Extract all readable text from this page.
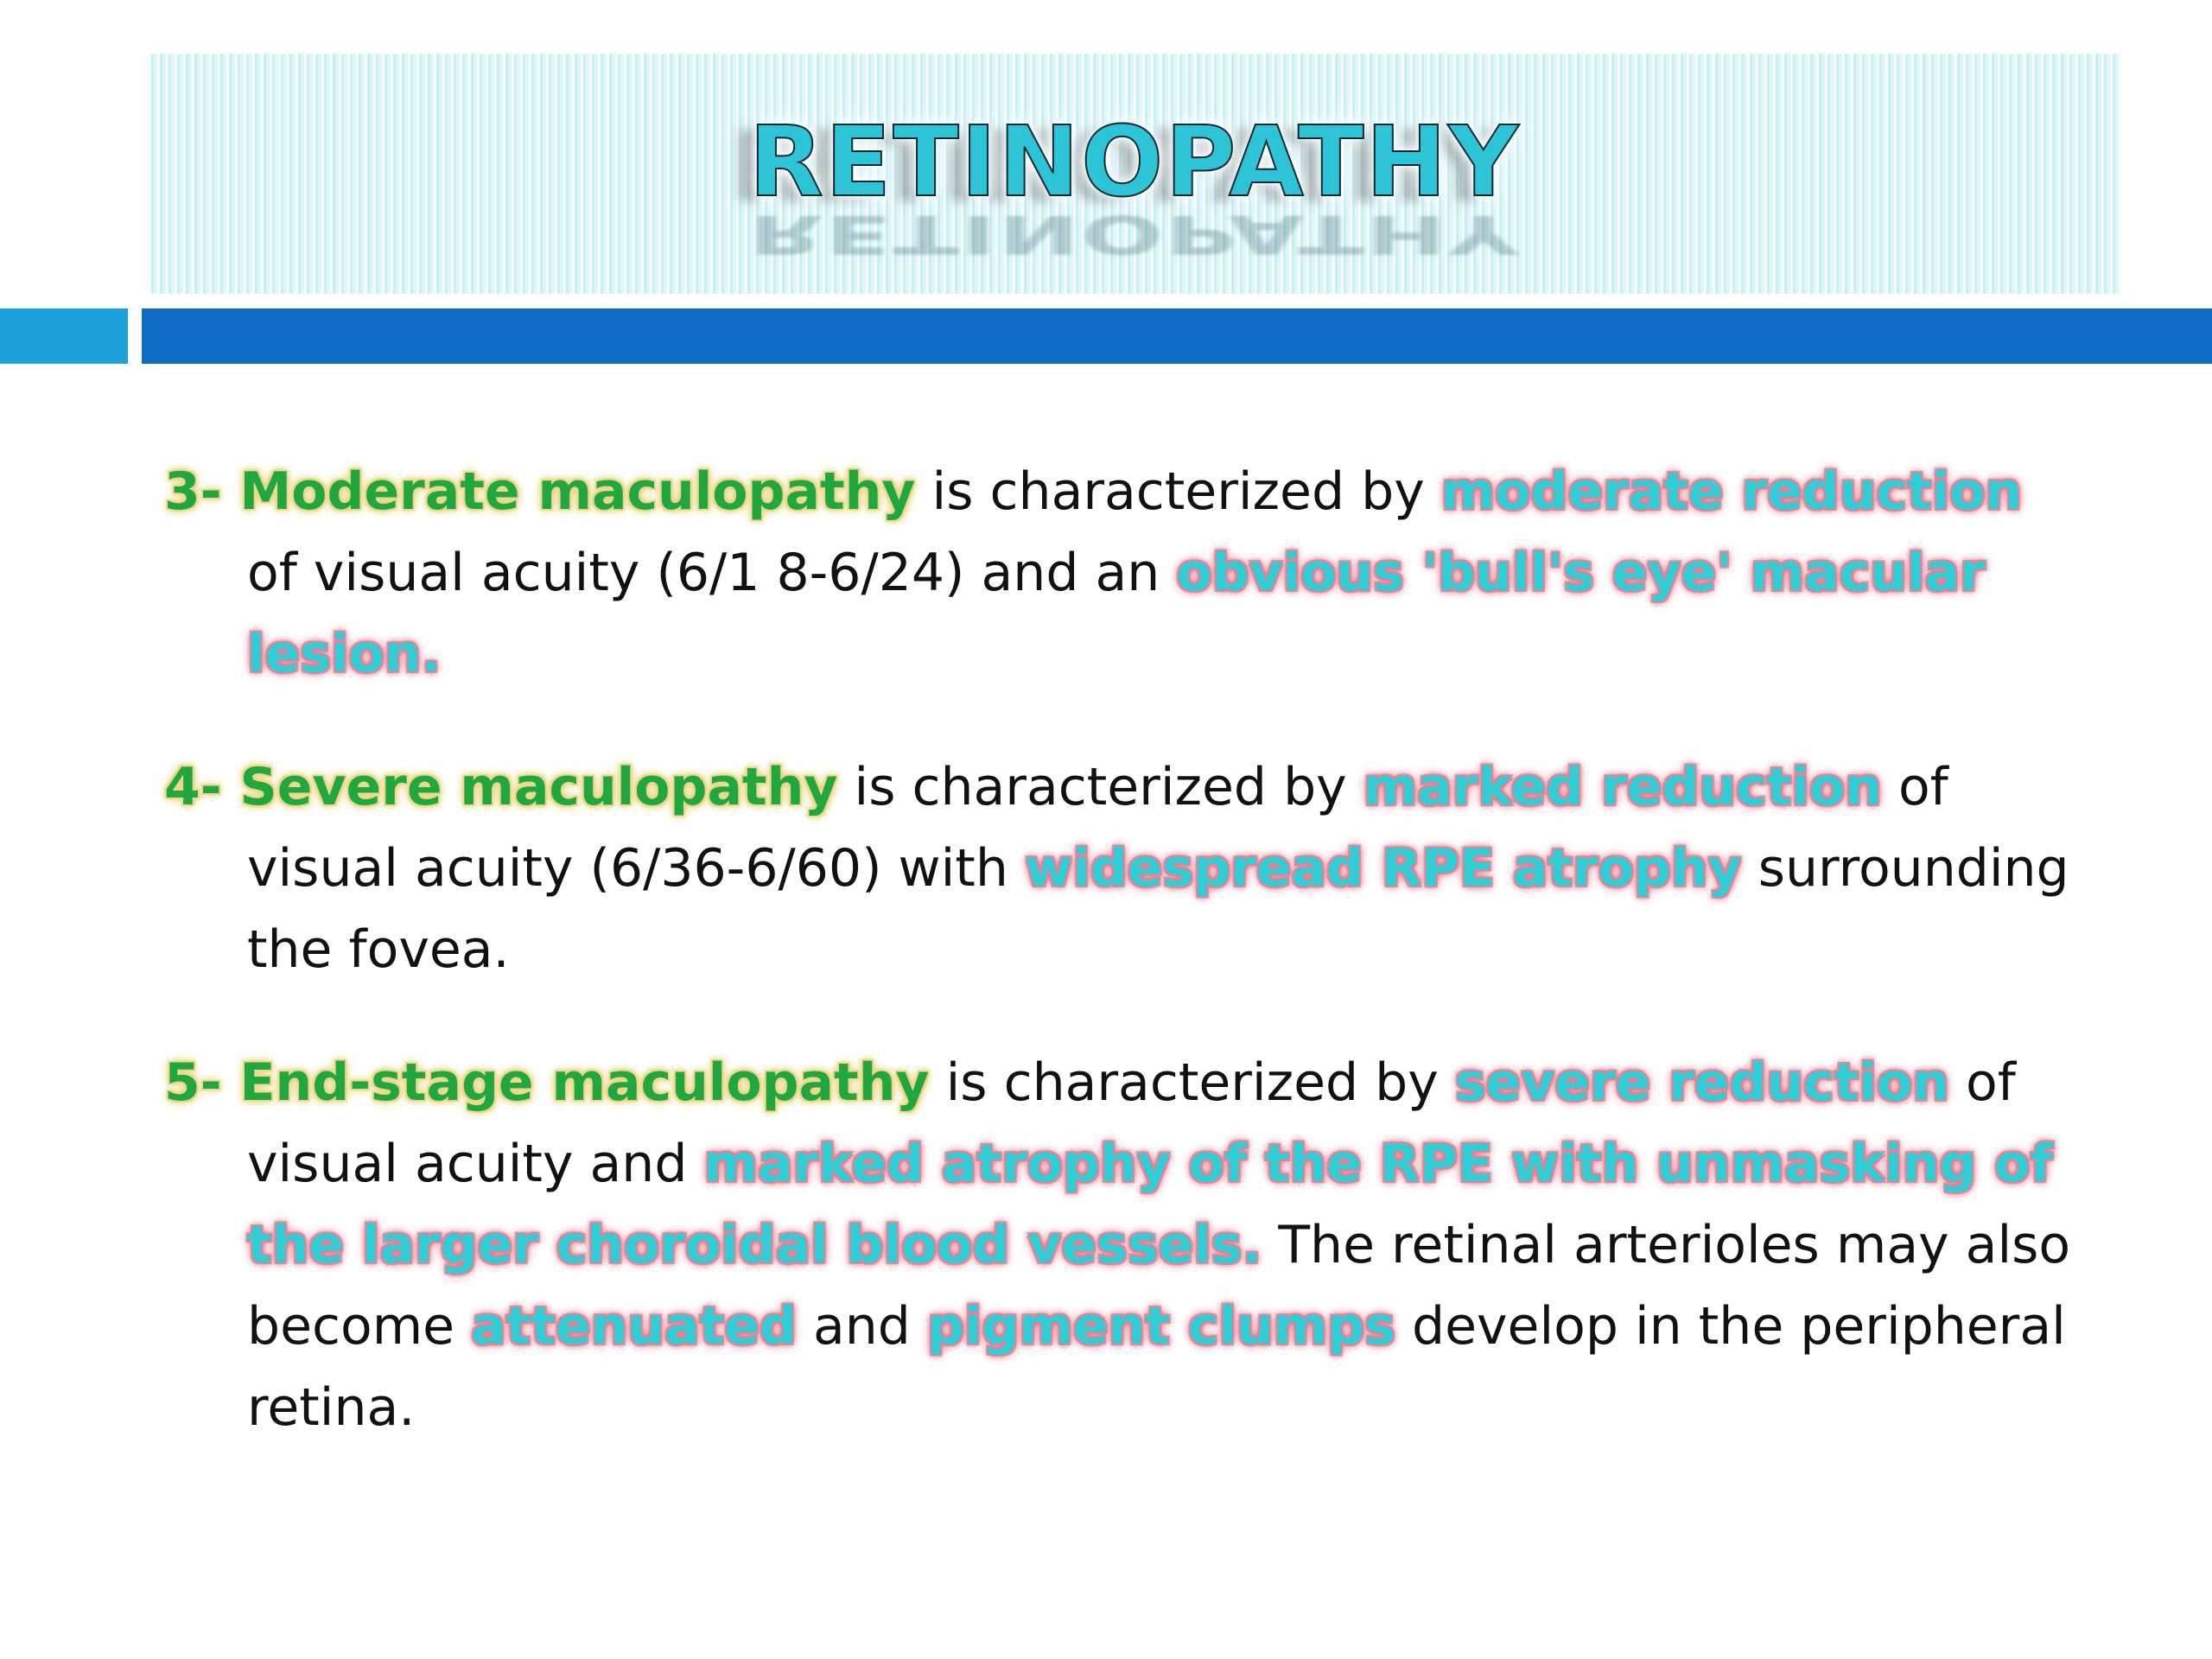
RETINOPATHY
RETINOPATHY

3- Moderate maculopathy is characterized by moderate reduction of visual acuity (6/1 8-6/24) and an obvious 'bull's eye' macular lesion.

4- Severe maculopathy is characterized by marked reduction of visual acuity (6/36-6/60) with widespread RPE atrophy surrounding the fovea.

5- End-stage maculopathy is characterized by severe reduction of visual acuity and marked atrophy of the RPE with unmasking of the larger choroidal blood vessels. The retinal arterioles may also become attenuated and pigment clumps develop in the peripheral retina.
